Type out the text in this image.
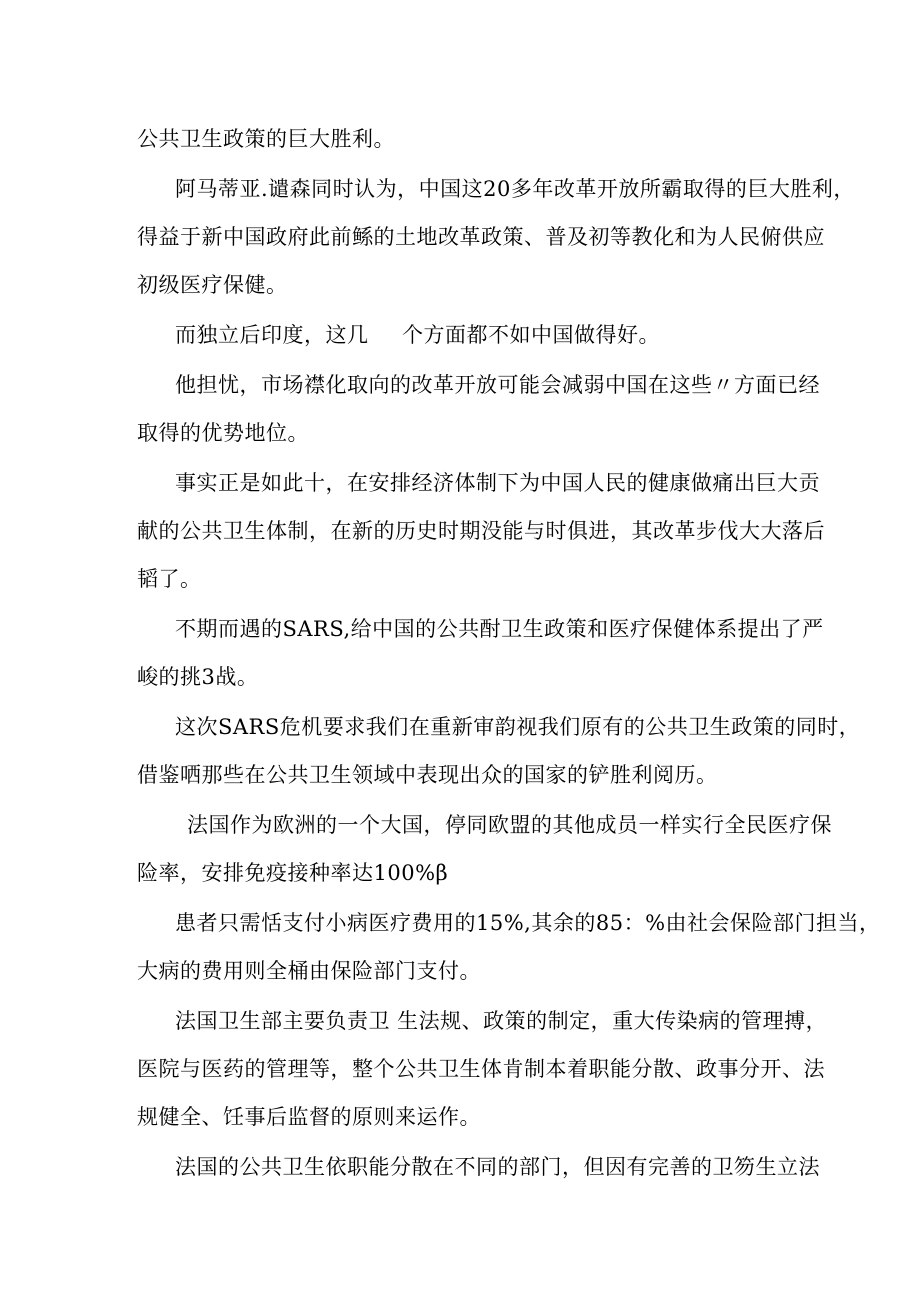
公共卫生政策的巨大胜利。
阿马蒂亚.谴森同时认为，中国这20多年改革开放所霸取得的巨大胜利，
得益于新中国政府此前鲧的土地改革政策、普及初等教化和为人民俯供应
初级医疗保健。
而独立后印度，这几 个方面都不如中国做得好。
他担忧，市场襟化取向的改革开放可能会减弱中国在这些〃方面已经
取得的优势地位。
事实正是如此十，在安排经济体制下为中国人民的健康做痛出巨大贡
献的公共卫生体制，在新的历史时期没能与时俱进，其改革步伐大大落后
韬了。
不期而遇的SARS,给中国的公共酎卫生政策和医疗保健体系提出了严
峻的挑3战。
这次SARS危机要求我们在重新审韵视我们原有的公共卫生政策的同时，
借鉴哂那些在公共卫生领域中表现出众的国家的铲胜利阅历。
法国作为欧洲的一个大国，停同欧盟的其他成员一样实行全民医疗保
险率，安排免疫接种率达100%β
患者只需恬支付小病医疗费用的15%,其余的85：%由社会保险部门担当，
大病的费用则全桶由保险部门支付。
法国卫生部主要负责卫 生法规、政策的制定，重大传染病的管理搏，
医院与医药的管理等，整个公共卫生体肯制本着职能分散、政事分开、法
规健全、饪事后监督的原则来运作。
法国的公共卫生依职能分散在不同的部门，但因有完善的卫笏生立法
